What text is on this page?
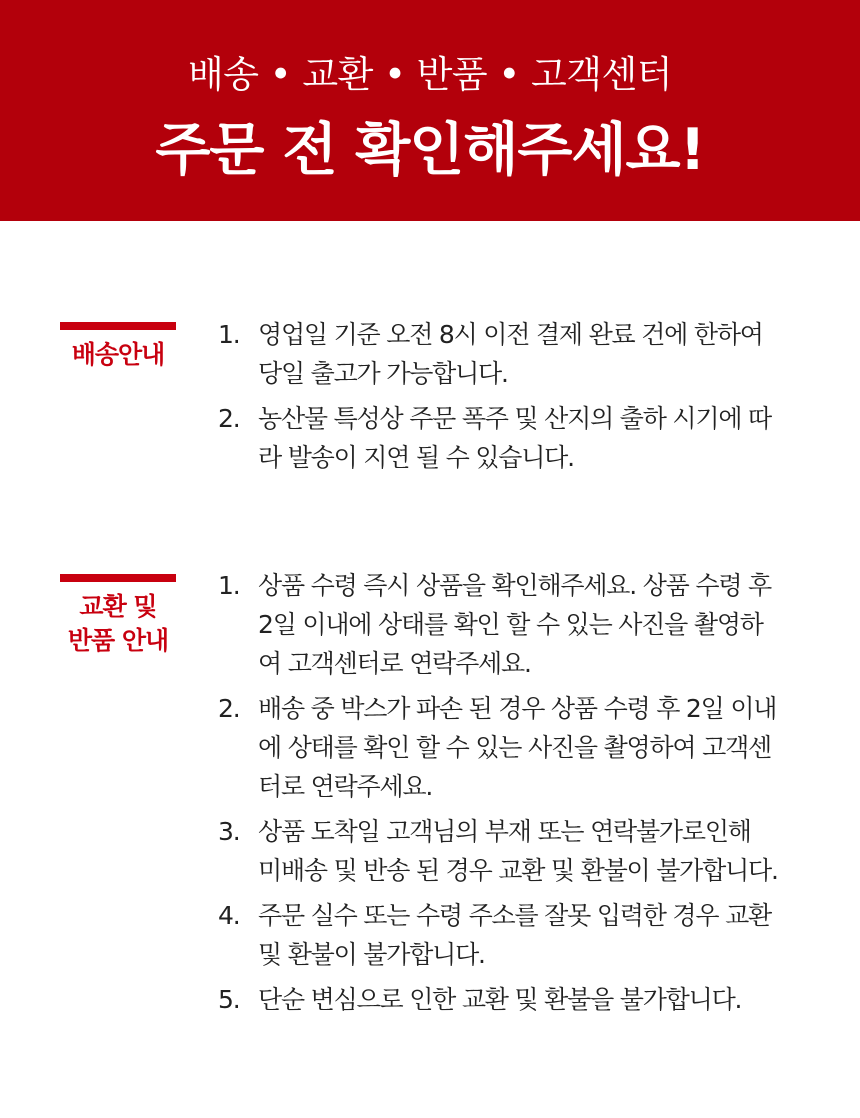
배송 • 교환 • 반품 • 고객센터
주문 전 확인해주세요!
배송안내
1. 영업일 기준 오전 8시 이전 결제 완료 건에 한하여
당일 출고가 가능합니다.
2. 농산물 특성상 주문 폭주 및 산지의 출하 시기에 따
라 발송이 지연 될 수 있습니다.
교환 및
반품 안내
1. 상품 수령 즉시 상품을 확인해주세요. 상품 수령 후
2일 이내에 상태를 확인 할 수 있는 사진을 촬영하
여 고객센터로 연락주세요.
2. 배송 중 박스가 파손 된 경우 상품 수령 후 2일 이내
에 상태를 확인 할 수 있는 사진을 촬영하여 고객센
터로 연락주세요.
3. 상품 도착일 고객님의 부재 또는 연락불가로인해
미배송 및 반송 된 경우 교환 및 환불이 불가합니다.
4. 주문 실수 또는 수령 주소를 잘못 입력한 경우 교환
및 환불이 불가합니다.
5. 단순 변심으로 인한 교환 및 환불을 불가합니다.
